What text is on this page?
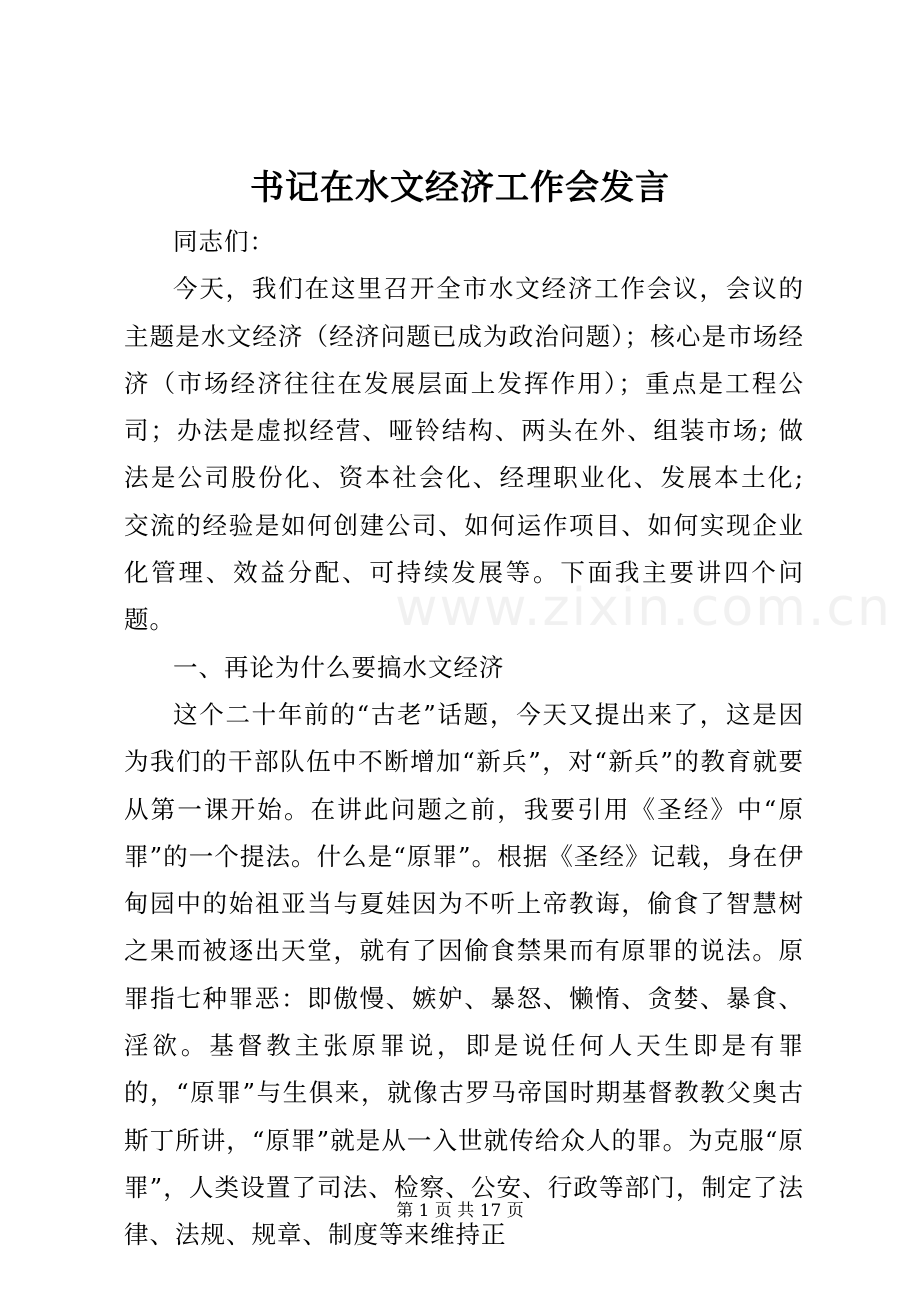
书记在水文经济工作会发言

同志们：

今天，我们在这里召开全市水文经济工作会议，会议的主题是水文经济（经济问题已成为政治问题）；核心是市场经济（市场经济往往在发展层面上发挥作用）；重点是工程公司；办法是虚拟经营、哑铃结构、两头在外、组装市场; 做法是公司股份化、资本社会化、经理职业化、发展本土化; 交流的经验是如何创建公司、如何运作项目、如何实现企业化管理、效益分配、可持续发展等。下面我主要讲四个问题。

一、再论为什么要搞水文经济

这个二十年前的“古老”话题，今天又提出来了，这是因为我们的干部队伍中不断增加“新兵”，对“新兵”的教育就要从第一课开始。在讲此问题之前，我要引用《圣经》中“原罪”的一个提法。什么是“原罪”。根据《圣经》记载，身在伊甸园中的始祖亚当与夏娃因为不听上帝教诲，偷食了智慧树之果而被逐出天堂，就有了因偷食禁果而有原罪的说法。原罪指七种罪恶：即傲慢、嫉妒、暴怒、懒惰、贪婪、暴食、淫欲。基督教主张原罪说，即是说任何人天生即是有罪的，“原罪”与生俱来，就像古罗马帝国时期基督教教父奥古斯丁所讲，“原罪”就是从一入世就传给众人的罪。为克服“原罪”，人类设置了司法、检察、公安、行政等部门，制定了法律、法规、规章、制度等来维持正

www.zixin.com.cn
第 1 页 共 17 页
